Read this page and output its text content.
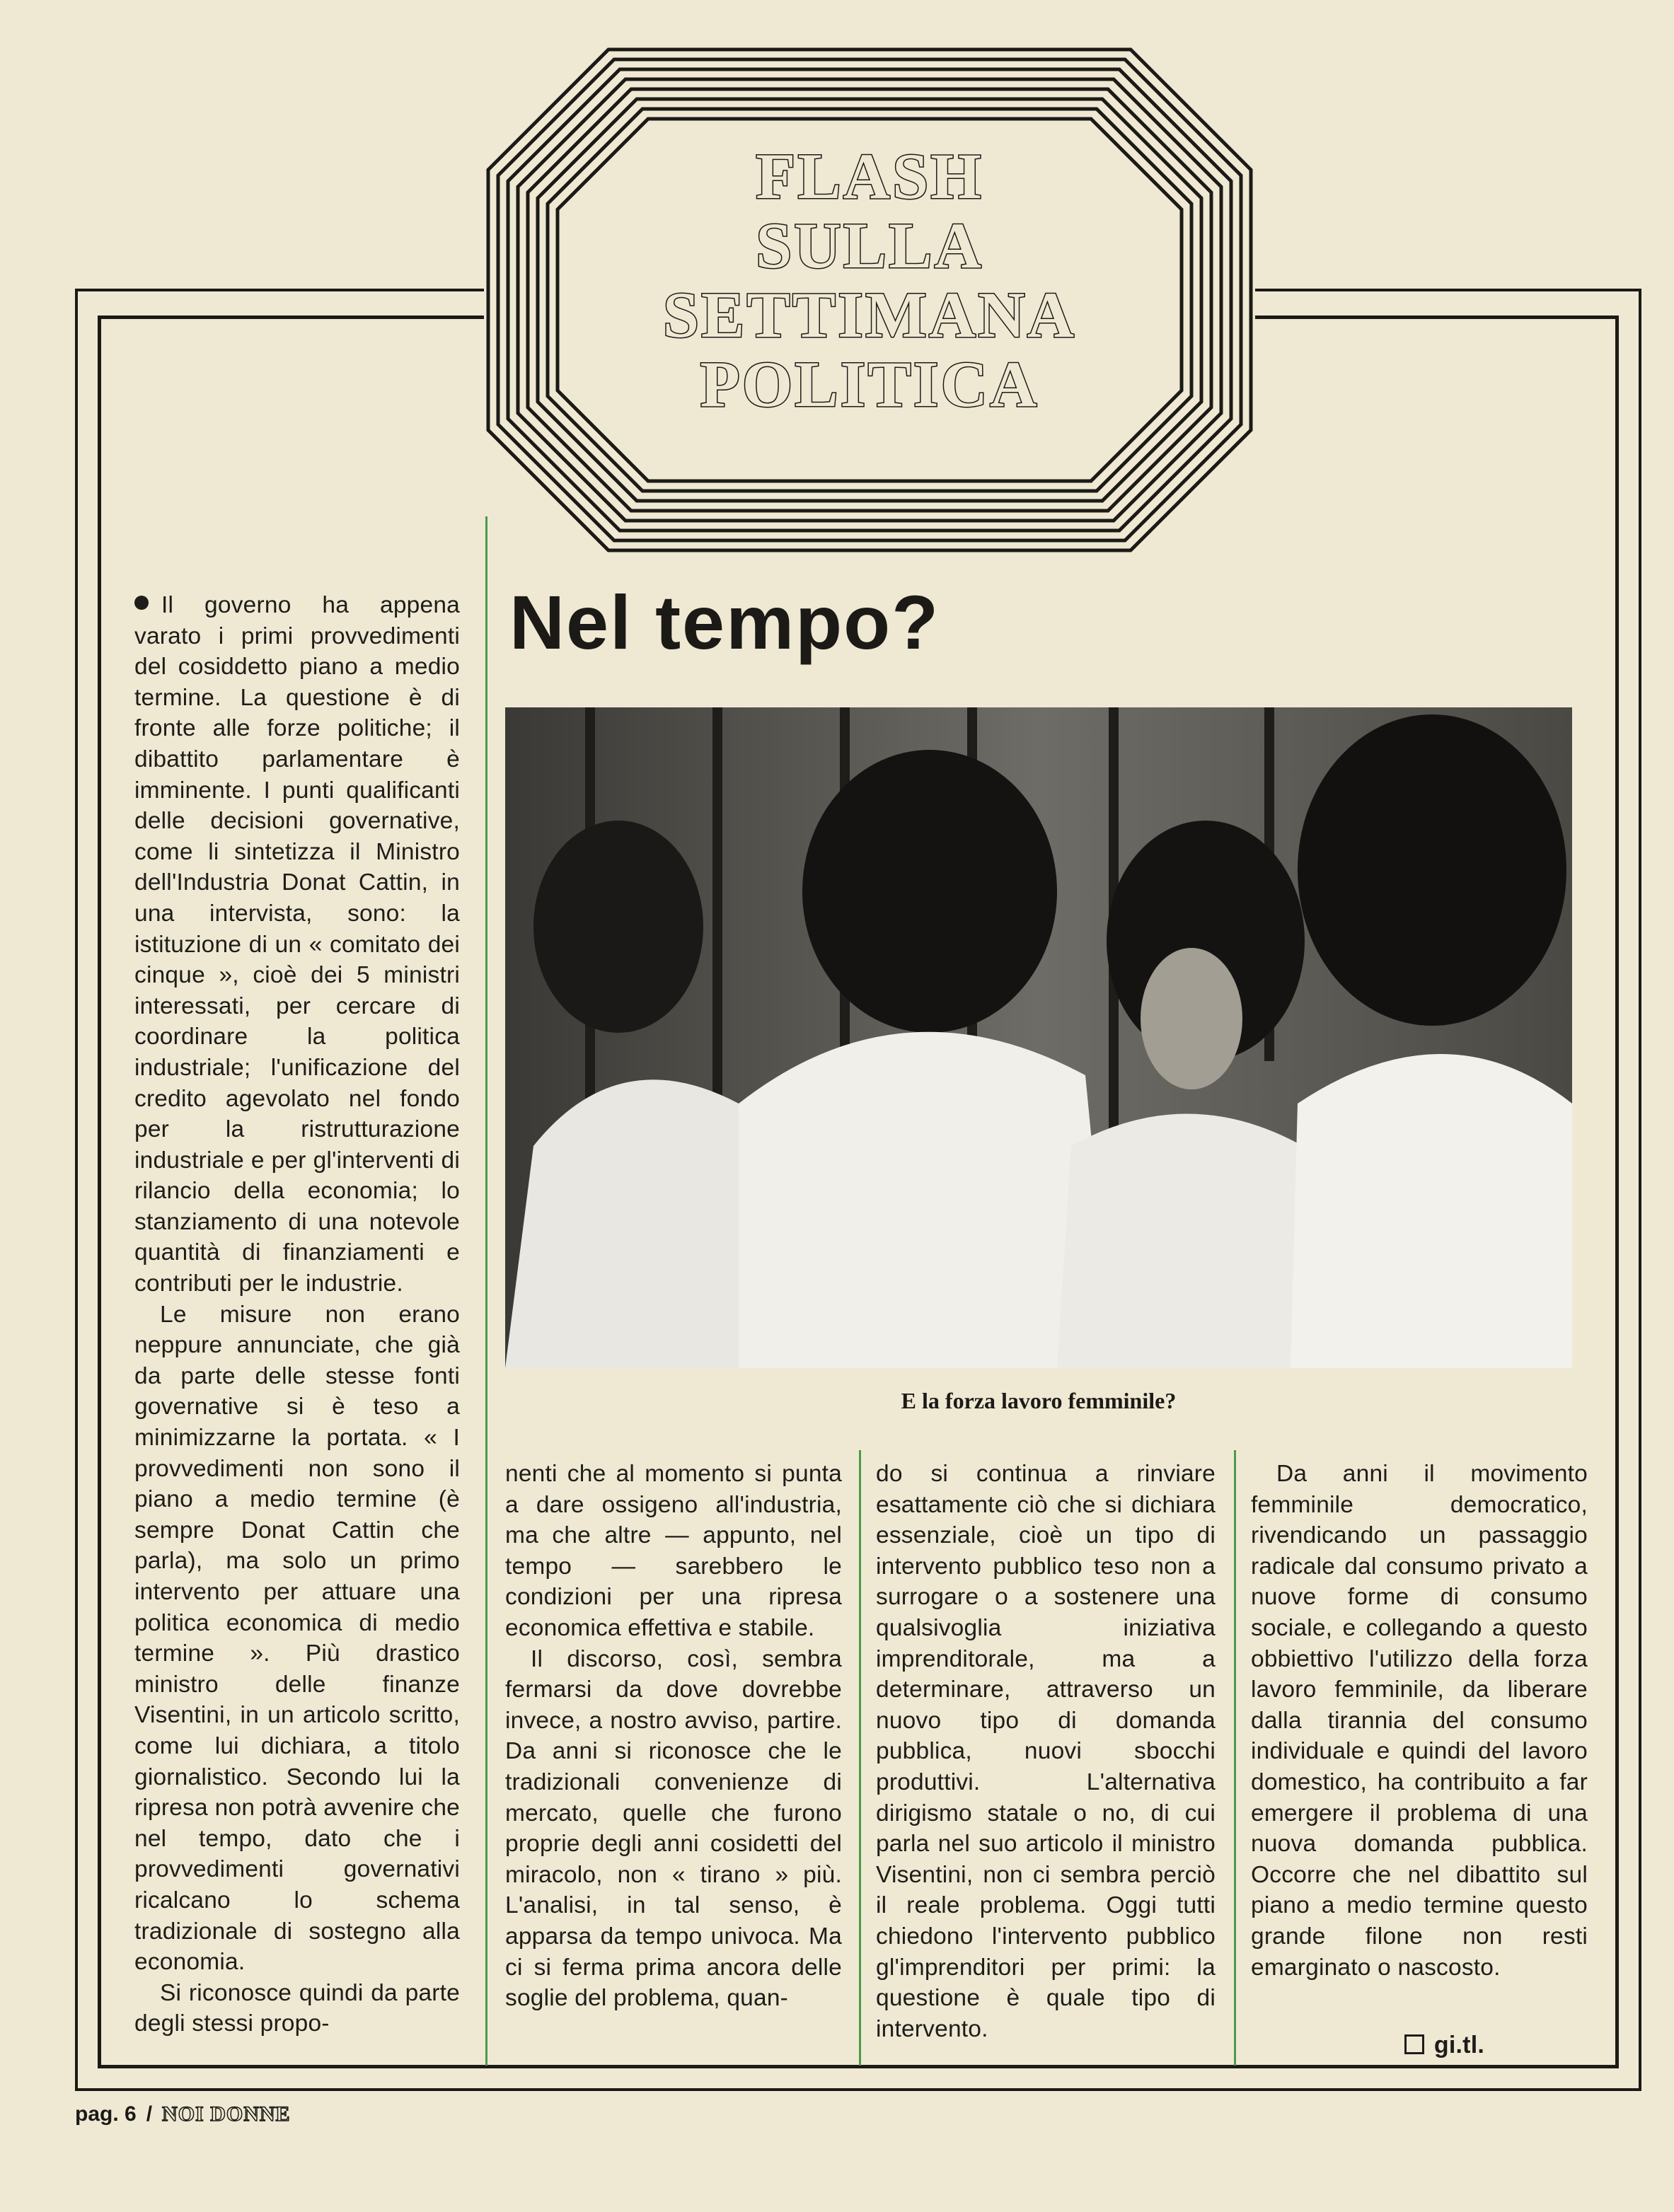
FLASH
SULLA
SETTIMANA
POLITICA

Il governo ha appena varato i primi provvedimenti del cosiddetto piano a medio termine. La questione è di fronte alle forze politiche; il dibattito parlamentare è imminente. I punti qualificanti delle decisioni governative, come li sintetizza il Ministro dell'Industria Donat Cattin, in una intervista, sono: la istituzione di un « comitato dei cinque », cioè dei 5 ministri interessati, per cercare di coordinare la politica industriale; l'unificazione del credito agevolato nel fondo per la ristrutturazione industriale e per gl'interventi di rilancio della economia; lo stanziamento di una notevole quantità di finanziamenti e contributi per le industrie.

Le misure non erano neppure annunciate, che già da parte delle stesse fonti governative si è teso a minimizzarne la portata. « I provvedimenti non sono il piano a medio termine (è sempre Donat Cattin che parla), ma solo un primo intervento per attuare una politica economica di medio termine ». Più drastico ministro delle finanze Visentini, in un articolo scritto, come lui dichiara, a titolo giornalistico. Secondo lui la ripresa non potrà avvenire che nel tempo, dato che i provvedimenti governativi ricalcano lo schema tradizionale di sostegno alla economia.

Si riconosce quindi da parte degli stessi propo-

Nel tempo?
E la forza lavoro femminile?

nenti che al momento si punta a dare ossigeno all'industria, ma che altre — appunto, nel tempo — sarebbero le condizioni per una ripresa economica effettiva e stabile.

Il discorso, così, sembra fermarsi da dove dovrebbe invece, a nostro avviso, partire. Da anni si riconosce che le tradizionali convenienze di mercato, quelle che furono proprie degli anni cosidetti del miracolo, non « tirano » più. L'analisi, in tal senso, è apparsa da tempo univoca. Ma ci si ferma prima ancora delle soglie del problema, quan-

do si continua a rinviare esattamente ciò che si dichiara essenziale, cioè un tipo di intervento pubblico teso non a surrogare o a sostenere una qualsivoglia iniziativa imprenditorale, ma a determinare, attraverso un nuovo tipo di domanda pubblica, nuovi sbocchi produttivi. L'alternativa dirigismo statale o no, di cui parla nel suo articolo il ministro Visentini, non ci sembra perciò il reale problema. Oggi tutti chiedono l'intervento pubblico gl'imprenditori per primi: la questione è quale tipo di intervento.

Da anni il movimento femminile democratico, rivendicando un passaggio radicale dal consumo privato a nuove forme di consumo sociale, e collegando a questo obbiettivo l'utilizzo della forza lavoro femminile, da liberare dalla tirannia del consumo individuale e quindi del lavoro domestico, ha contribuito a far emergere il problema di una nuova domanda pubblica. Occorre che nel dibattito sul piano a medio termine questo grande filone non resti emarginato o nascosto.

gi.tl.
pag. 6 / NOI DONNE
